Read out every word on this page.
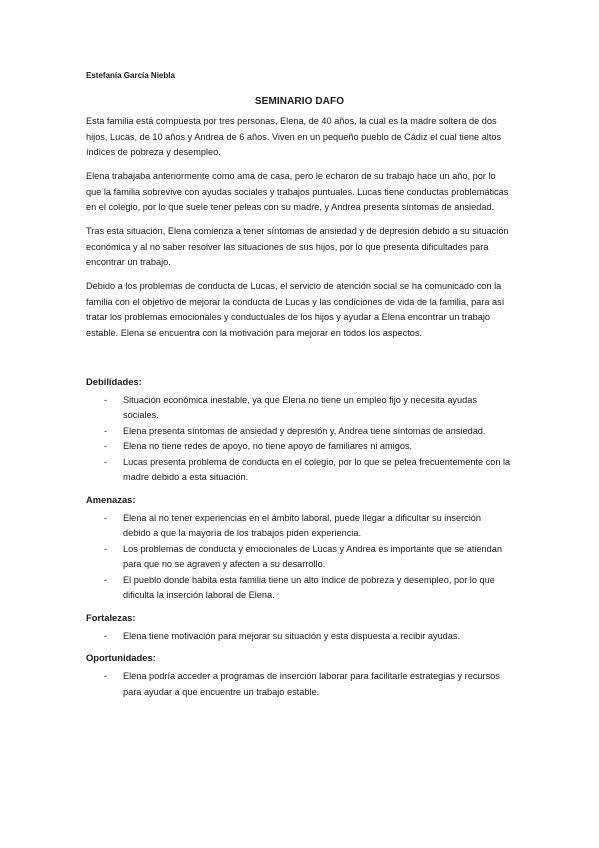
Estefanía García Niebla
SEMINARIO DAFO

Esta familia está compuesta por tres personas, Elena, de 40 años, la cual es la madre soltera de dos hijos, Lucas, de 10 años y Andrea de 6 años. Viven en un pequeño pueblo de Cádiz el cual tiene altos índices de pobreza y desempleo.

Elena trabajaba anteriormente como ama de casa, pero le echaron de su trabajo hace un año, por lo que la familia sobrevive con ayudas sociales y trabajos puntuales. Lucas tiene conductas problemáticas en el colegio, por lo que suele tener peleas con su madre, y Andrea presenta síntomas de ansiedad.

Tras esta situación, Elena comienza a tener síntomas de ansiedad y de depresión debido a su situación económica y al no saber resolver las situaciones de sus hijos, por lo que presenta dificultades para encontrar un trabajo.

Debido a los problemas de conducta de Lucas, el servicio de atención social se ha comunicado con la familia con el objetivo de mejorar la conducta de Lucas y las condiciones de vida de la familia, para así tratar los problemas emocionales y conductuales de los hijos y ayudar a Elena encontrar un trabajo estable. Elena se encuentra con la motivación para mejorar en todos los aspectos.

Debilidades:
- Situación económica inestable, ya que Elena no tiene un empleo fijo y necesita ayudas sociales.
- Elena presenta síntomas de ansiedad y depresión y, Andrea tiene síntomas de ansiedad.
- Elena no tiene redes de apoyo, no tiene apoyo de familiares ni amigos.
- Lucas presenta problema de conducta en el colegio, por lo que se pelea frecuentemente con la madre debido a esta situación.
Amenazas:
- Elena al no tener experiencias en el ámbito laboral, puede llegar a dificultar su inserción debido a que la mayoría de los trabajos piden experiencia.
- Los problemas de conducta y emocionales de Lucas y Andrea es importante que se atiendan para que no se agraven y afecten a su desarrollo.
- El pueblo donde habita esta familia tiene un alto índice de pobreza y desempleo, por lo que dificulta la inserción laboral de Elena.
Fortalezas:
- Elena tiene motivación para mejorar su situación y esta dispuesta a recibir ayudas.
Oportunidades:
- Elena podría acceder a programas de inserción laborar para facilitarle estrategias y recursos para ayudar a que encuentre un trabajo estable.
